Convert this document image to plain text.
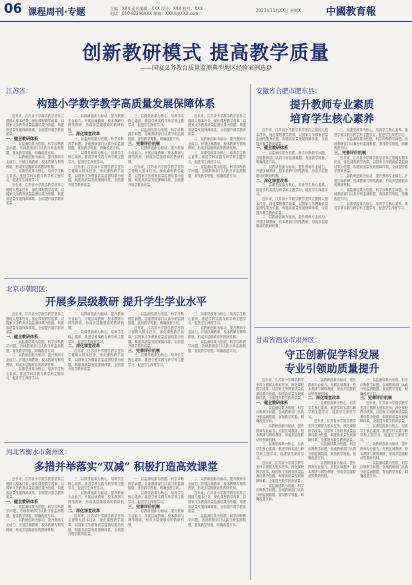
06 课程周刊·专题	主编：XXX 责任编辑：XXX 设计：XXX 校对：XXX
电话：010-82296XXX 邮箱：XXXX@XXX.com
2023年11月XX日 星期X	中國教育報
创新教研模式 提高教学质量
——国家义务教育质量监测典型地区经验案例选登
江苏省：
构建小学数学教学高质量发展保障体系

近年来，江苏省小学数学教学坚持立德树人根本任务，深化课程教学改革，以国家义务教育质量监测结果为依据，构建高质量发展保障体系，全面提升数学教育质量。

一、健全教研体系

一、以监测结果为依据，科学诊断教学问题。各地教研部门认真分析监测数据，查找教学短板，明确改进方向。

二、以教研创新为驱动，提升教师专业能力。开展区域教研、校本教研与网络教研，形成多层级联动的教研机制。

三、以课堂改革为核心，培育学生核心素养。推进学科实践与跨学科主题学习，促进学生深度学习。

近年来，江苏省小学数学教学坚持立德树人根本任务，深化课程教学改革，以国家义务教育质量监测结果为依据，构建高质量发展保障体系，全面提升数学教育质量。

二、以教研创新为驱动，提升教师专业能力。开展区域教研、校本教研与网络教研，形成多层级联动的教研机制。

二、深化课堂改革

一、以监测结果为依据，科学诊断教学问题。各地教研部门认真分析监测数据，查找教学短板，明确改进方向。

三、以课堂改革为核心，培育学生核心素养。推进学科实践与跨学科主题学习，促进学生深度学习。

近年来，江苏省小学数学教学坚持立德树人根本任务，深化课程教学改革，以国家义务教育质量监测结果为依据，构建高质量发展保障体系，全面提升数学教育质量。

三、以课堂改革为核心，培育学生核心素养。推进学科实践与跨学科主题学习，促进学生深度学习。

一、以监测结果为依据，科学诊断教学问题。各地教研部门认真分析监测数据，查找教学短板，明确改进方向。

三、完善评价机制

二、以教研创新为驱动，提升教师专业能力。开展区域教研、校本教研与网络教研，形成多层级联动的教研机制。

近年来，江苏省小学数学教学坚持立德树人根本任务，深化课程教学改革，以国家义务教育质量监测结果为依据，构建高质量发展保障体系，全面提升数学教育质量。

近年来，江苏省小学数学教学坚持立德树人根本任务，深化课程教学改革，以国家义务教育质量监测结果为依据，构建高质量发展保障体系，全面提升数学教育质量。

二、以教研创新为驱动，提升教师专业能力。开展区域教研、校本教研与网络教研，形成多层级联动的教研机制。

三、以课堂改革为核心，培育学生核心素养。推进学科实践与跨学科主题学习，促进学生深度学习。

一、以监测结果为依据，科学诊断教学问题。各地教研部门认真分析监测数据，查找教学短板，明确改进方向。

安徽省合肥市肥东县：
提升教师专业素质
培育学生核心素养

近年来，江苏省小学数学教学坚持立德树人根本任务，深化课程教学改革，以国家义务教育质量监测结果为依据，构建高质量发展保障体系，全面提升数学教育质量。

一、健全教研体系

一、以监测结果为依据，科学诊断教学问题。各地教研部门认真分析监测数据，查找教学短板，明确改进方向。

二、以教研创新为驱动，提升教师专业能力。开展区域教研、校本教研与网络教研，形成多层级联动的教研机制。

二、深化课堂改革

三、以课堂改革为核心，培育学生核心素养。推进学科实践与跨学科主题学习，促进学生深度学习。

近年来，江苏省小学数学教学坚持立德树人根本任务，深化课程教学改革，以国家义务教育质量监测结果为依据，构建高质量发展保障体系，全面提升数学教育质量。

二、以教研创新为驱动，提升教师专业能力。开展区域教研、校本教研与网络教研，形成多层级联动的教研机制。

三、以课堂改革为核心，培育学生核心素养。推进学科实践与跨学科主题学习，促进学生深度学习。

一、以监测结果为依据，科学诊断教学问题。各地教研部门认真分析监测数据，查找教学短板，明确改进方向。

三、完善评价机制

近年来，江苏省小学数学教学坚持立德树人根本任务，深化课程教学改革，以国家义务教育质量监测结果为依据，构建高质量发展保障体系，全面提升数学教育质量。

二、以教研创新为驱动，提升教师专业能力。开展区域教研、校本教研与网络教研，形成多层级联动的教研机制。

一、以监测结果为依据，科学诊断教学问题。各地教研部门认真分析监测数据，查找教学短板，明确改进方向。

三、以课堂改革为核心，培育学生核心素养。推进学科实践与跨学科主题学习，促进学生深度学习。

北京市朝阳区：
开展多层级教研 提升学生学业水平

近年来，江苏省小学数学教学坚持立德树人根本任务，深化课程教学改革，以国家义务教育质量监测结果为依据，构建高质量发展保障体系，全面提升数学教育质量。

一、健全教研体系

一、以监测结果为依据，科学诊断教学问题。各地教研部门认真分析监测数据，查找教学短板，明确改进方向。

二、以教研创新为驱动，提升教师专业能力。开展区域教研、校本教研与网络教研，形成多层级联动的教研机制。

三、以课堂改革为核心，培育学生核心素养。推进学科实践与跨学科主题学习，促进学生深度学习。

二、以教研创新为驱动，提升教师专业能力。开展区域教研、校本教研与网络教研，形成多层级联动的教研机制。

三、以课堂改革为核心，培育学生核心素养。推进学科实践与跨学科主题学习，促进学生深度学习。

二、深化课堂改革

近年来，江苏省小学数学教学坚持立德树人根本任务，深化课程教学改革，以国家义务教育质量监测结果为依据，构建高质量发展保障体系，全面提升数学教育质量。

一、以监测结果为依据，科学诊断教学问题。各地教研部门认真分析监测数据，查找教学短板，明确改进方向。

近年来，江苏省小学数学教学坚持立德树人根本任务，深化课程教学改革，以国家义务教育质量监测结果为依据，构建高质量发展保障体系，全面提升数学教育质量。

三、完善评价机制

三、以课堂改革为核心，培育学生核心素养。推进学科实践与跨学科主题学习，促进学生深度学习。

三、以课堂改革为核心，培育学生核心素养。推进学科实践与跨学科主题学习，促进学生深度学习。

二、以教研创新为驱动，提升教师专业能力。开展区域教研、校本教研与网络教研，形成多层级联动的教研机制。

一、以监测结果为依据，科学诊断教学问题。各地教研部门认真分析监测数据，查找教学短板，明确改进方向。

甘肃省酒泉市肃州区：
守正创新促学科发展
专业引领助质量提升

近年来，江苏省小学数学教学坚持立德树人根本任务，深化课程教学改革，以国家义务教育质量监测结果为依据，构建高质量发展保障体系，全面提升数学教育质量。

一、健全教研体系

一、以监测结果为依据，科学诊断教学问题。各地教研部门认真分析监测数据，查找教学短板，明确改进方向。

二、以教研创新为驱动，提升教师专业能力。开展区域教研、校本教研与网络教研，形成多层级联动的教研机制。

三、以课堂改革为核心，培育学生核心素养。推进学科实践与跨学科主题学习，促进学生深度学习。

近年来，江苏省小学数学教学坚持立德树人根本任务，深化课程教学改革，以国家义务教育质量监测结果为依据，构建高质量发展保障体系，全面提升数学教育质量。

一、以监测结果为依据，科学诊断教学问题。各地教研部门认真分析监测数据，查找教学短板，明确改进方向。

二、以教研创新为驱动，提升教师专业能力。开展区域教研、校本教研与网络教研，形成多层级联动的教研机制。

二、深化课堂改革

三、以课堂改革为核心，培育学生核心素养。推进学科实践与跨学科主题学习，促进学生深度学习。

近年来，江苏省小学数学教学坚持立德树人根本任务，深化课程教学改革，以国家义务教育质量监测结果为依据，构建高质量发展保障体系，全面提升数学教育质量。

一、以监测结果为依据，科学诊断教学问题。各地教研部门认真分析监测数据，查找教学短板，明确改进方向。

二、以教研创新为驱动，提升教师专业能力。开展区域教研、校本教研与网络教研，形成多层级联动的教研机制。

一、以监测结果为依据，科学诊断教学问题。各地教研部门认真分析监测数据，查找教学短板，明确改进方向。

三、完善评价机制

近年来，江苏省小学数学教学坚持立德树人根本任务，深化课程教学改革，以国家义务教育质量监测结果为依据，构建高质量发展保障体系，全面提升数学教育质量。

三、以课堂改革为核心，培育学生核心素养。推进学科实践与跨学科主题学习，促进学生深度学习。

二、以教研创新为驱动，提升教师专业能力。开展区域教研、校本教研与网络教研，形成多层级联动的教研机制。

一、以监测结果为依据，科学诊断教学问题。各地教研部门认真分析监测数据，查找教学短板，明确改进方向。

河北省衡水市冀州区：
多措并举落实“双减” 积极打造高效课堂

近年来，江苏省小学数学教学坚持立德树人根本任务，深化课程教学改革，以国家义务教育质量监测结果为依据，构建高质量发展保障体系，全面提升数学教育质量。

一、健全教研体系

一、以监测结果为依据，科学诊断教学问题。各地教研部门认真分析监测数据，查找教学短板，明确改进方向。

二、以教研创新为驱动，提升教师专业能力。开展区域教研、校本教研与网络教研，形成多层级联动的教研机制。

三、以课堂改革为核心，培育学生核心素养。推进学科实践与跨学科主题学习，促进学生深度学习。

二、以教研创新为驱动，提升教师专业能力。开展区域教研、校本教研与网络教研，形成多层级联动的教研机制。

二、深化课堂改革

近年来，江苏省小学数学教学坚持立德树人根本任务，深化课程教学改革，以国家义务教育质量监测结果为依据，构建高质量发展保障体系，全面提升数学教育质量。

一、以监测结果为依据，科学诊断教学问题。各地教研部门认真分析监测数据，查找教学短板，明确改进方向。

三、以课堂改革为核心，培育学生核心素养。推进学科实践与跨学科主题学习，促进学生深度学习。

三、完善评价机制

二、以教研创新为驱动，提升教师专业能力。开展区域教研、校本教研与网络教研，形成多层级联动的教研机制。

二、以教研创新为驱动，提升教师专业能力。开展区域教研、校本教研与网络教研，形成多层级联动的教研机制。

近年来，江苏省小学数学教学坚持立德树人根本任务，深化课程教学改革，以国家义务教育质量监测结果为依据，构建高质量发展保障体系，全面提升数学教育质量。

一、以监测结果为依据，科学诊断教学问题。各地教研部门认真分析监测数据，查找教学短板，明确改进方向。
